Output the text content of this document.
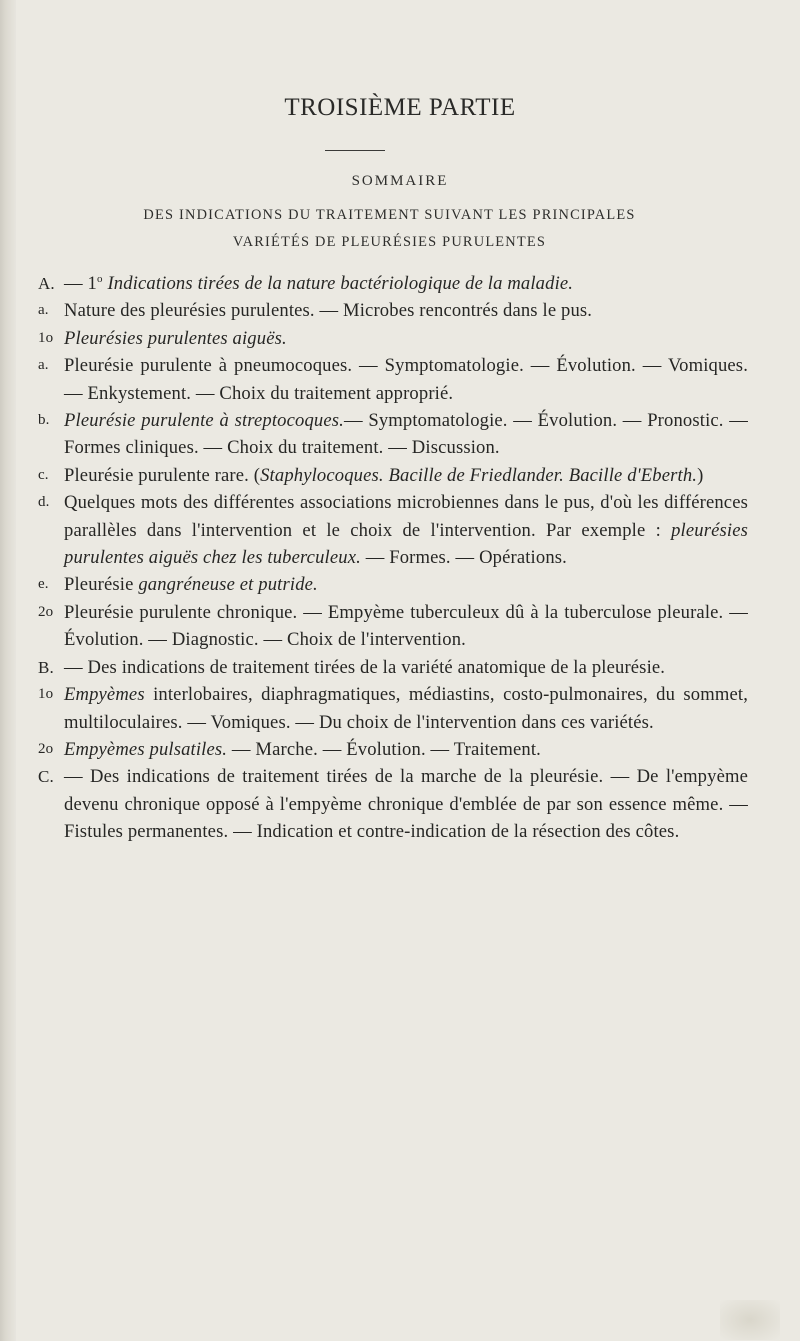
TROISIÈME PARTIE
SOMMAIRE
DES INDICATIONS DU TRAITEMENT SUIVANT LES PRINCIPALES
VARIÉTÉS DE PLEURÉSIES PURULENTES
A. — 1$^o$ Indications tirées de la nature bactériologique de la maladie.
a. Nature des pleurésies purulentes. — Microbes rencontrés dans le pus.
1o Pleurésies purulentes aiguës.
a. Pleurésie purulente à pneumocoques. — Symptomatologie. — Évolution. — Vomiques. — Enkystement. — Choix du traitement approprié.
b. Pleurésie purulente à streptocoques.— Symptomatologie. — Évolution. — Pronostic. — Formes cliniques. — Choix du traitement. — Discussion.
c. Pleurésie purulente rare. (Staphylocoques. Bacille de Friedlander. Bacille d'Eberth.)
d. Quelques mots des différentes associations microbiennes dans le pus, d'où les différences parallèles dans l'intervention et le choix de l'intervention. Par exemple : pleurésies purulentes aiguës chez les tuberculeux. — Formes. — Opérations.
e. Pleurésie gangréneuse et putride.
2o Pleurésie purulente chronique. — Empyème tuberculeux dû à la tuberculose pleurale. — Évolution. — Diagnostic. — Choix de l'intervention.
B. — Des indications de traitement tirées de la variété anatomique de la pleurésie.
1o Empyèmes interlobaires, diaphragmatiques, médiastins, costo-pulmonaires, du sommet, multiloculaires. — Vomiques. — Du choix de l'intervention dans ces variétés.
2o Empyèmes pulsatiles. — Marche. — Évolution. — Traitement.
C. — Des indications de traitement tirées de la marche de la pleurésie. — De l'empyème devenu chronique opposé à l'empyème chronique d'emblée de par son essence même. — Fistules permanentes. — Indication et contre-indication de la résection des côtes.
